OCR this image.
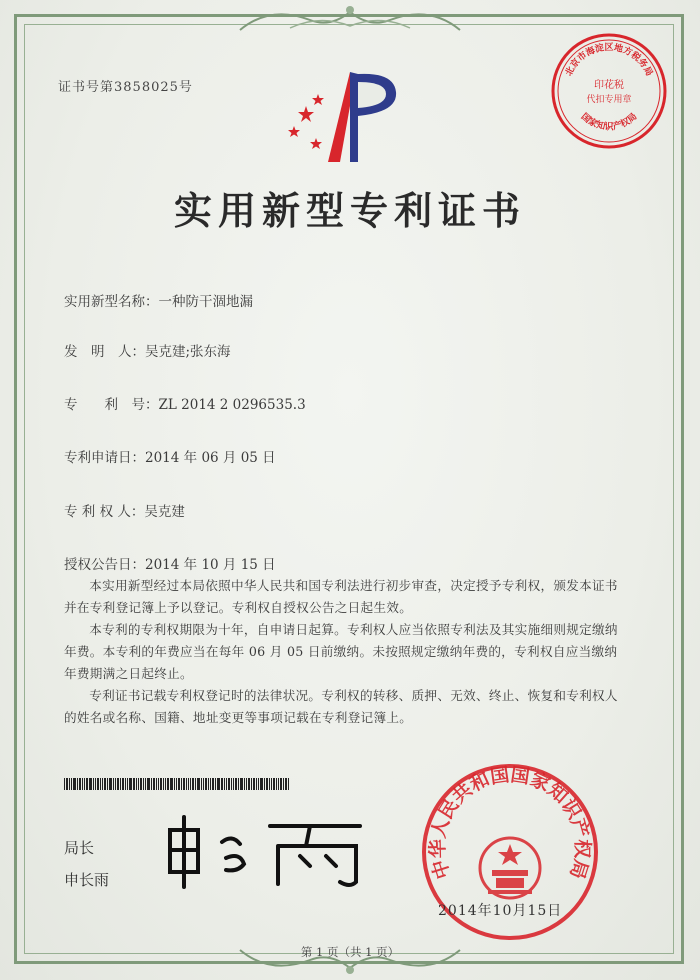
证书号第3858025号
北京市海淀区地方税务局
印花税
代扣专用章
国家知识产权局
实用新型专利证书
实用新型名称：一种防干涸地漏
发　明　人：吴克建;张东海
专　　利　号：ZL 2014 2 0296535.3
专利申请日：2014 年 06 月 05 日
专 利 权 人：吴克建
授权公告日：2014 年 10 月 15 日

本实用新型经过本局依照中华人民共和国专利法进行初步审查，决定授予专利权，颁发本证书并在专利登记簿上予以登记。专利权自授权公告之日起生效。

本专利的专利权期限为十年，自申请日起算。专利权人应当依照专利法及其实施细则规定缴纳年费。本专利的年费应当在每年 06 月 05 日前缴纳。未按照规定缴纳年费的，专利权自应当缴纳年费期满之日起终止。

专利证书记载专利权登记时的法律状况。专利权的转移、质押、无效、终止、恢复和专利权人的姓名或名称、国籍、地址变更等事项记载在专利登记簿上。

局长
申长雨	中华人民共和国国家知识产权局
2014年10月15日
第 1 页（共 1 页）
